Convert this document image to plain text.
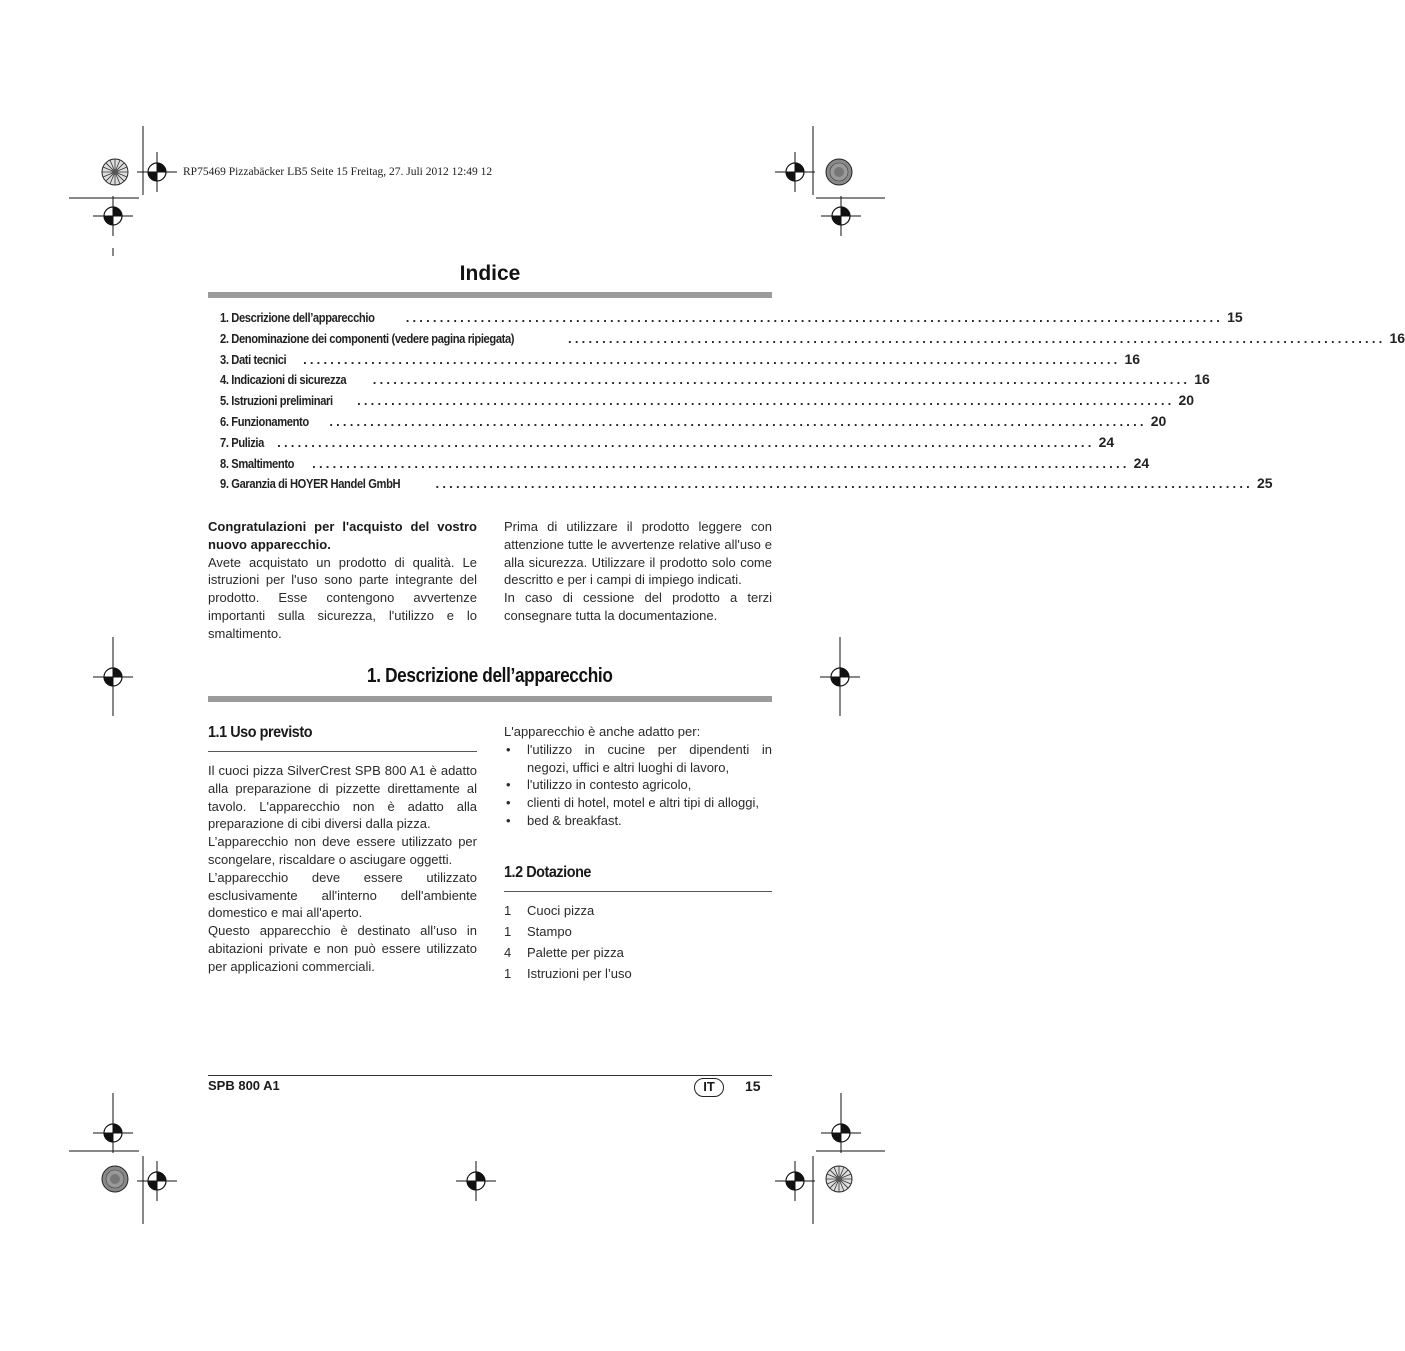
RP75469 Pizzabäcker LB5 Seite 15 Freitag, 27. Juli 2012 12:49 12
Indice
1. Descrizione dell’apparecchio ........................................................................................................................ 15
2. Denominazione dei componenti (vedere pagina ripiegata)	........................................................................................................................ 16
3. Dati tecnici ........................................................................................................................ 16
4. Indicazioni di sicurezza ........................................................................................................................ 16
5. Istruzioni preliminari ........................................................................................................................ 20
6. Funzionamento ........................................................................................................................ 20
7. Pulizia ........................................................................................................................ 24
8. Smaltimento ........................................................................................................................ 24
9. Garanzia di HOYER Handel GmbH	........................................................................................................................ 25

Congratulazioni per l'acquisto del vostro nuovo apparecchio.

Avete acquistato un prodotto di qualità. Le istruzioni per l'uso sono parte integrante del prodotto. Esse contengono avvertenze importanti sulla sicurezza, l'utilizzo e lo smaltimento.

Prima di utilizzare il prodotto leggere con attenzione tutte le avvertenze relative all'uso e alla sicurezza. Utilizzare il prodotto solo come descritto e per i campi di impiego indicati.

In caso di cessione del prodotto a terzi consegnare tutta la documentazione.

1. Descrizione dell’apparecchio
1.1 Uso previsto

Il cuoci pizza SilverCrest SPB 800 A1 è adatto alla preparazione di pizzette direttamente al tavolo. L'apparecchio non è adatto alla preparazione di cibi diversi dalla pizza.

L’apparecchio non deve essere utilizzato per scongelare, riscaldare o asciugare oggetti.

L’apparecchio deve essere utilizzato esclusivamente all'interno dell'ambiente domestico e mai all'aperto.

Questo apparecchio è destinato all’uso in abitazioni private e non può essere utilizzato per applicazioni commerciali.

L'apparecchio è anche adatto per:

• l'utilizzo in cucine per dipendenti in negozi, uffici e altri luoghi di lavoro,
• l'utilizzo in contesto agricolo,
• clienti di hotel, motel e altri tipi di alloggi,
• bed & breakfast.
1.2 Dotazione
1	Cuoci pizza
1	Stampo
4	Palette per pizza
1	Istruzioni per l’uso
SPB 800 A1	IT	15
